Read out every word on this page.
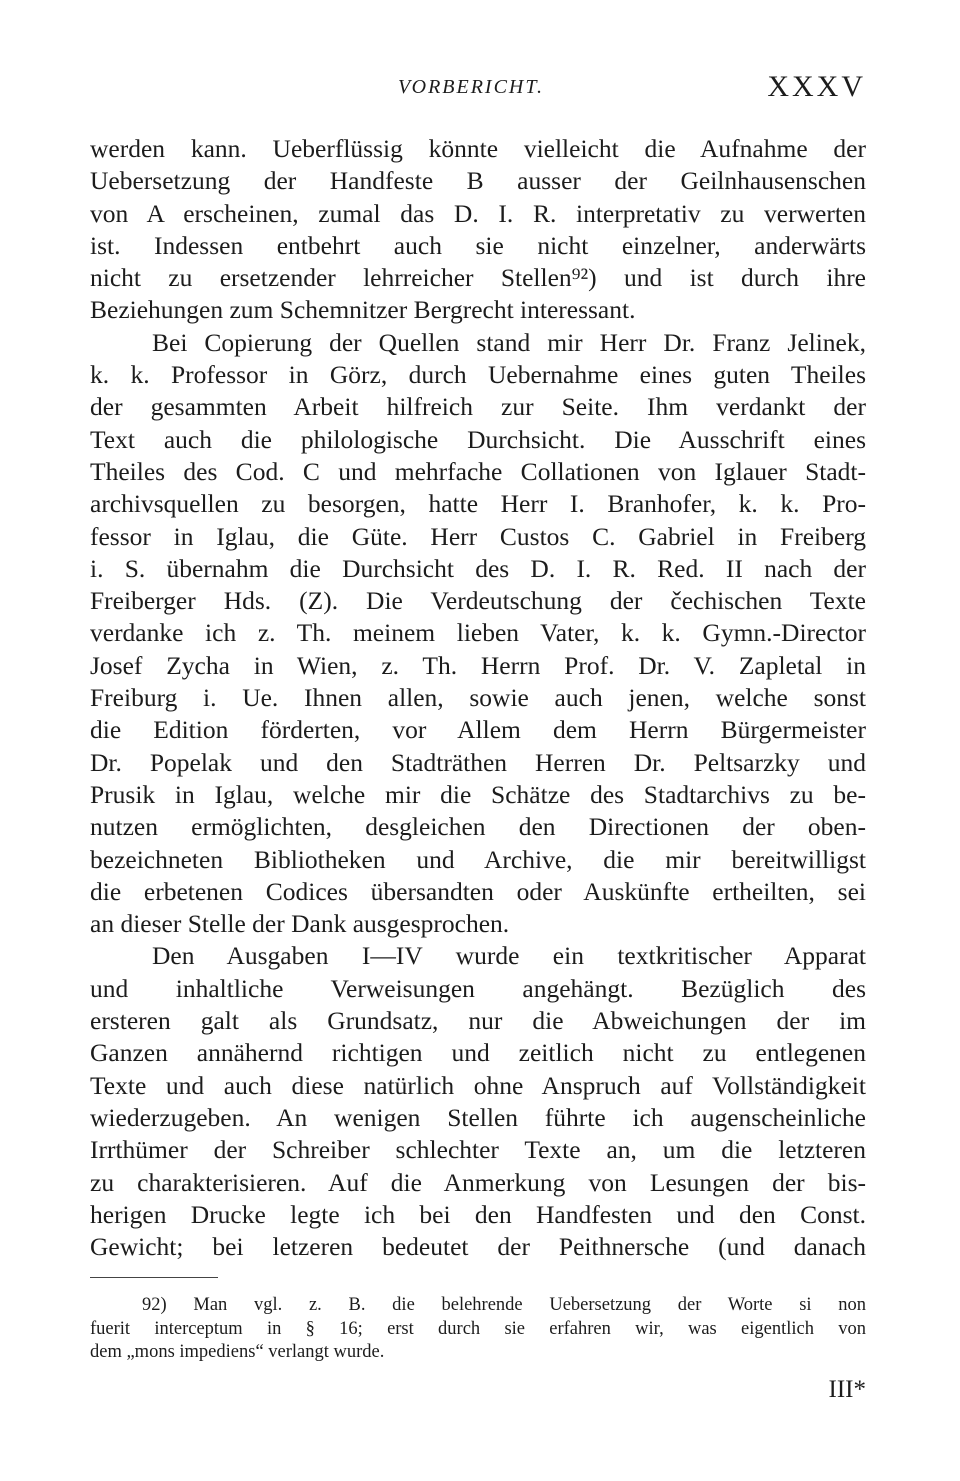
VORBERICHT.	XXXV
werden kann. Ueberflüssig könnte vielleicht die Aufnahme der
Uebersetzung der Handfeste B ausser der Geilnhausenschen
von A erscheinen, zumal das D. I. R. interpretativ zu verwerten
ist. Indessen entbehrt auch sie nicht einzelner, anderwärts
nicht zu ersetzender lehrreicher Stellen⁹²) und ist durch ihre
Beziehungen zum Schemnitzer Bergrecht interessant.
Bei Copierung der Quellen stand mir Herr Dr. Franz Jelinek,
k. k. Professor in Görz, durch Uebernahme eines guten Theiles
der gesammten Arbeit hilfreich zur Seite. Ihm verdankt der
Text auch die philologische Durchsicht. Die Ausschrift eines
Theiles des Cod. C und mehrfache Collationen von Iglauer Stadt-
archivsquellen zu besorgen, hatte Herr I. Branhofer, k. k. Pro-
fessor in Iglau, die Güte. Herr Custos C. Gabriel in Freiberg
i. S. übernahm die Durchsicht des D. I. R. Red. II nach der
Freiberger Hds. (Z). Die Verdeutschung der čechischen Texte
verdanke ich z. Th. meinem lieben Vater, k. k. Gymn.-Director
Josef Zycha in Wien, z. Th. Herrn Prof. Dr. V. Zapletal in
Freiburg i. Ue. Ihnen allen, sowie auch jenen, welche sonst
die Edition förderten, vor Allem dem Herrn Bürgermeister
Dr. Popelak und den Stadträthen Herren Dr. Peltsarzky und
Prusik in Iglau, welche mir die Schätze des Stadtarchivs zu be-
nutzen ermöglichten, desgleichen den Directionen der oben-
bezeichneten Bibliotheken und Archive, die mir bereitwilligst
die erbetenen Codices übersandten oder Auskünfte ertheilten, sei
an dieser Stelle der Dank ausgesprochen.
Den Ausgaben I—IV wurde ein textkritischer Apparat
und inhaltliche Verweisungen angehängt. Bezüglich des
ersteren galt als Grundsatz, nur die Abweichungen der im
Ganzen annähernd richtigen und zeitlich nicht zu entlegenen
Texte und auch diese natürlich ohne Anspruch auf Vollständigkeit
wiederzugeben. An wenigen Stellen führte ich augenscheinliche
Irrthümer der Schreiber schlechter Texte an, um die letzteren
zu charakterisieren. Auf die Anmerkung von Lesungen der bis-
herigen Drucke legte ich bei den Handfesten und den Const.
Gewicht; bei letzeren bedeutet der Peithnersche (und danach
92) Man vgl. z. B. die belehrende Uebersetzung der Worte si non
fuerit interceptum in § 16; erst durch sie erfahren wir, was eigentlich von
dem „mons impediens“ verlangt wurde.
III*
